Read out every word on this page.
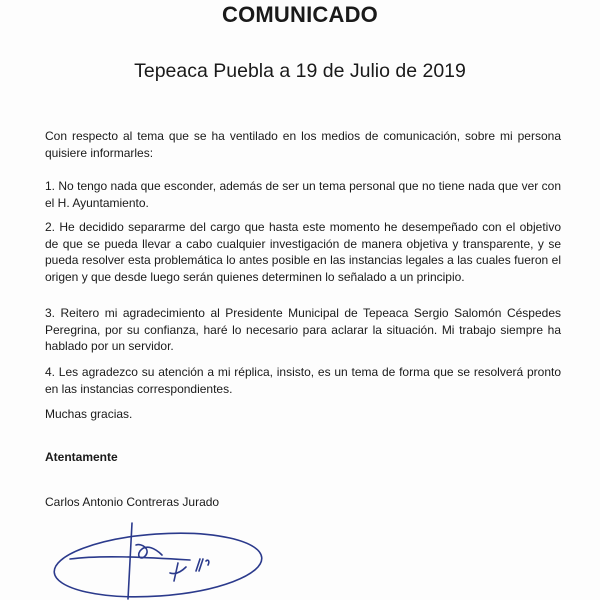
COMUNICADO

Tepeaca Puebla a 19 de Julio de 2019

Con respecto al tema que se ha ventilado en los medios de comunicación, sobre mi persona quisiere informarles:

1. No tengo nada que esconder, además de ser un tema personal que no tiene nada que ver con el H. Ayuntamiento.

2. He decidido separarme del cargo que hasta este momento he desempeñado con el objetivo de que se pueda llevar a cabo cualquier investigación de manera objetiva y transparente, y se pueda resolver esta problemática lo antes posible en las instancias legales a las cuales fueron el origen y que desde luego serán quienes determinen lo señalado a un principio.

3. Reitero mi agradecimiento al Presidente Municipal de Tepeaca Sergio Salomón Céspedes Peregrina, por su confianza, haré lo necesario para aclarar la situación. Mi trabajo siempre ha hablado por un servidor.

4. Les agradezco su atención a mi réplica, insisto, es un tema de forma que se resolverá pronto en las instancias correspondientes.

Muchas gracias.

Atentamente

Carlos Antonio Contreras Jurado
